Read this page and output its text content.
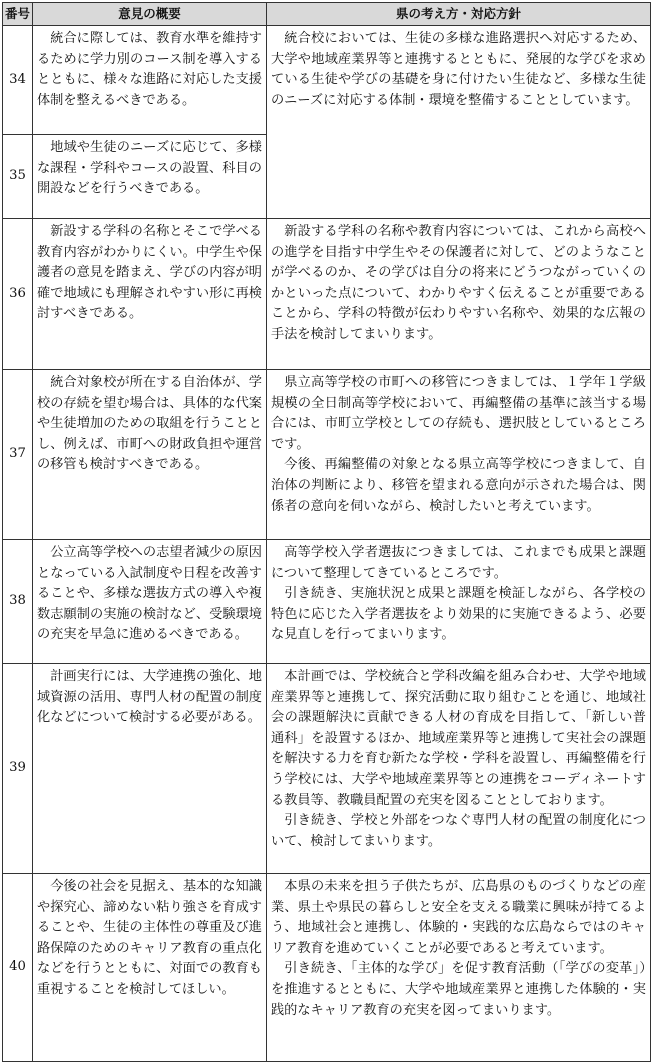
番号	意見の概要	県の考え方・対応方針
34	統合に際しては、教育水準を維持するために学力別のコース制を導入するとともに、様々な進路に対応した支援体制を整えるべきである。	統合校においては、生徒の多様な進路選択へ対応するため、大学や地域産業界等と連携するとともに、発展的な学びを求めている生徒や学びの基礎を身に付けたい生徒など、多様な生徒のニーズに対応する体制・環境を整備することとしています。

35	地域や生徒のニーズに応じて、多様な課程・学科やコースの設置、科目の開設などを行うべきである。	

36	新設する学科の名称とそこで学べる教育内容がわかりにくい。中学生や保護者の意見を踏まえ、学びの内容が明確で地域にも理解されやすい形に再検討すべきである。	新設する学科の名称や教育内容については、これから高校への進学を目指す中学生やその保護者に対して、どのようなことが学べるのか、その学びは自分の将来にどうつながっていくのかといった点について、わかりやすく伝えることが重要であることから、学科の特徴が伝わりやすい名称や、効果的な広報の手法を検討してまいります。

37	統合対象校が所在する自治体が、学校の存続を望む場合は、具体的な代案や生徒増加のための取組を行うこととし、例えば、市町への財政負担や運営の移管も検討すべきである。	県立高等学校の市町への移管につきましては、１学年１学級規模の全日制高等学校において、再編整備の基準に該当する場合には、市町立学校としての存続も、選択肢としているところです。

今後、再編整備の対象となる県立高等学校につきまして、自治体の判断により、移管を望まれる意向が示された場合は、関係者の意向を伺いながら、検討したいと考えています。

38	公立高等学校への志望者減少の原因となっている入試制度や日程を改善することや、多様な選抜方式の導入や複数志願制の実施の検討など、受験環境の充実を早急に進めるべきである。	高等学校入学者選抜につきましては、これまでも成果と課題について整理してきているところです。

引き続き、実施状況と成果と課題を検証しながら、各学校の特色に応じた入学者選抜をより効果的に実施できるよう、必要な見直しを行ってまいります。

39	計画実行には、大学連携の強化、地域資源の活用、専門人材の配置の制度化などについて検討する必要がある。	本計画では、学校統合と学科改編を組み合わせ、大学や地域産業界等と連携して、探究活動に取り組むことを通じ、地域社会の課題解決に貢献できる人材の育成を目指して、「新しい普通科」を設置するほか、地域産業界等と連携して実社会の課題を解決する力を育む新たな学校・学科を設置し、再編整備を行う学校には、大学や地域産業界等との連携をコーディネートする教員等、教職員配置の充実を図ることとしております。

引き続き、学校と外部をつなぐ専門人材の配置の制度化について、検討してまいります。

40	今後の社会を見据え、基本的な知識や探究心、諦めない粘り強さを育成することや、生徒の主体性の尊重及び進路保障のためのキャリア教育の重点化などを行うとともに、対面での教育も重視することを検討してほしい。	本県の未来を担う子供たちが、広島県のものづくりなどの産業、県土や県民の暮らしと安全を支える職業に興味が持てるよう、地域社会と連携し、体験的・実践的な広島ならではのキャリア教育を進めていくことが必要であると考えています。

引き続き、「主体的な学び」を促す教育活動（「学びの変革」）を推進するとともに、大学や地域産業界と連携した体験的・実践的なキャリア教育の充実を図ってまいります。
